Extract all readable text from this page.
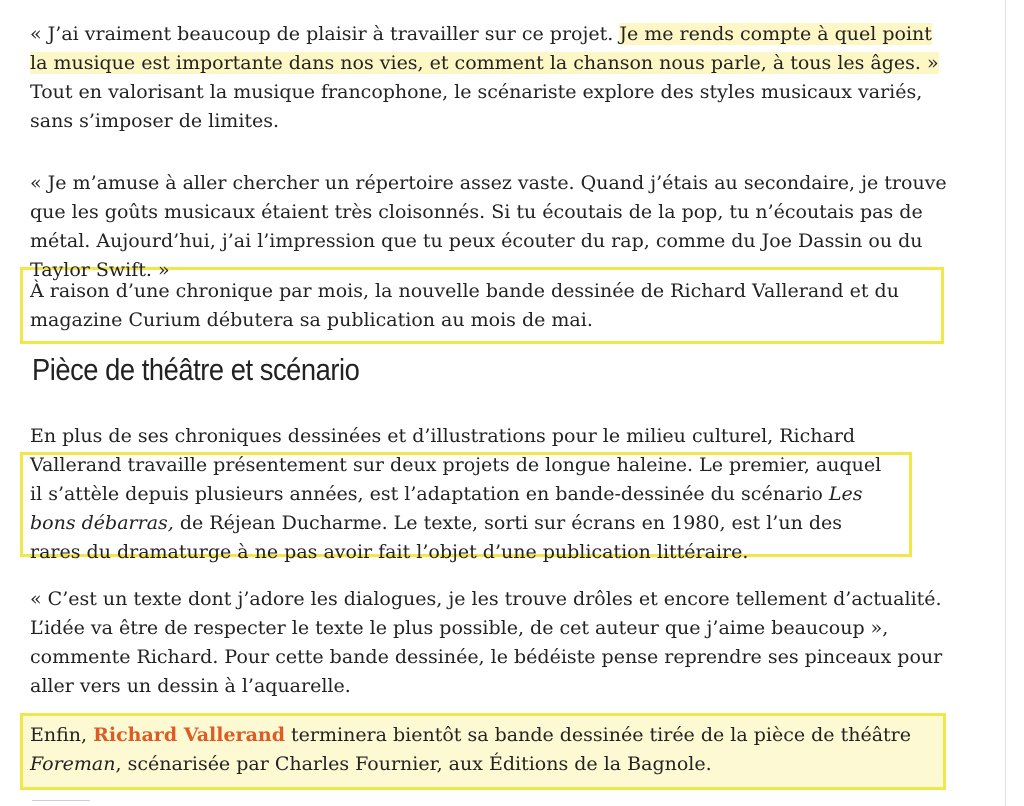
« J’ai vraiment beaucoup de plaisir à travailler sur ce projet. Je me rends compte à quel point la musique est importante dans nos vies, et comment la chanson nous parle, à tous les âges. » Tout en valorisant la musique francophone, le scénariste explore des styles musicaux variés, sans s’imposer de limites.

« Je m’amuse à aller chercher un répertoire assez vaste. Quand j’étais au secondaire, je trouve que les goûts musicaux étaient très cloisonnés. Si tu écoutais de la pop, tu n’écoutais pas de métal. Aujourd’hui, j’ai l’impression que tu peux écouter du rap, comme du Joe Dassin ou du Taylor Swift. »

À raison d’une chronique par mois, la nouvelle bande dessinée de Richard Vallerand et du magazine Curium débutera sa publication au mois de mai.

En plus de ses chroniques dessinées et d’illustrations pour le milieu culturel, Richard Vallerand travaille présentement sur deux projets de longue haleine. Le premier, auquel il s’attèle depuis plusieurs années, est l’adaptation en bande-dessinée du scénario Les bons débarras, de Réjean Ducharme. Le texte, sorti sur écrans en 1980, est l’un des rares du dramaturge à ne pas avoir fait l’objet d’une publication littéraire.

« C’est un texte dont j’adore les dialogues, je les trouve drôles et encore tellement d’actualité. L’idée va être de respecter le texte le plus possible, de cet auteur que j’aime beaucoup », commente Richard. Pour cette bande dessinée, le bédéiste pense reprendre ses pinceaux pour aller vers un dessin à l’aquarelle.

Enfin, Richard Vallerand terminera bientôt sa bande dessinée tirée de la pièce de théâtre Foreman, scénarisée par Charles Fournier, aux Éditions de la Bagnole.

Pièce de théâtre et scénario
